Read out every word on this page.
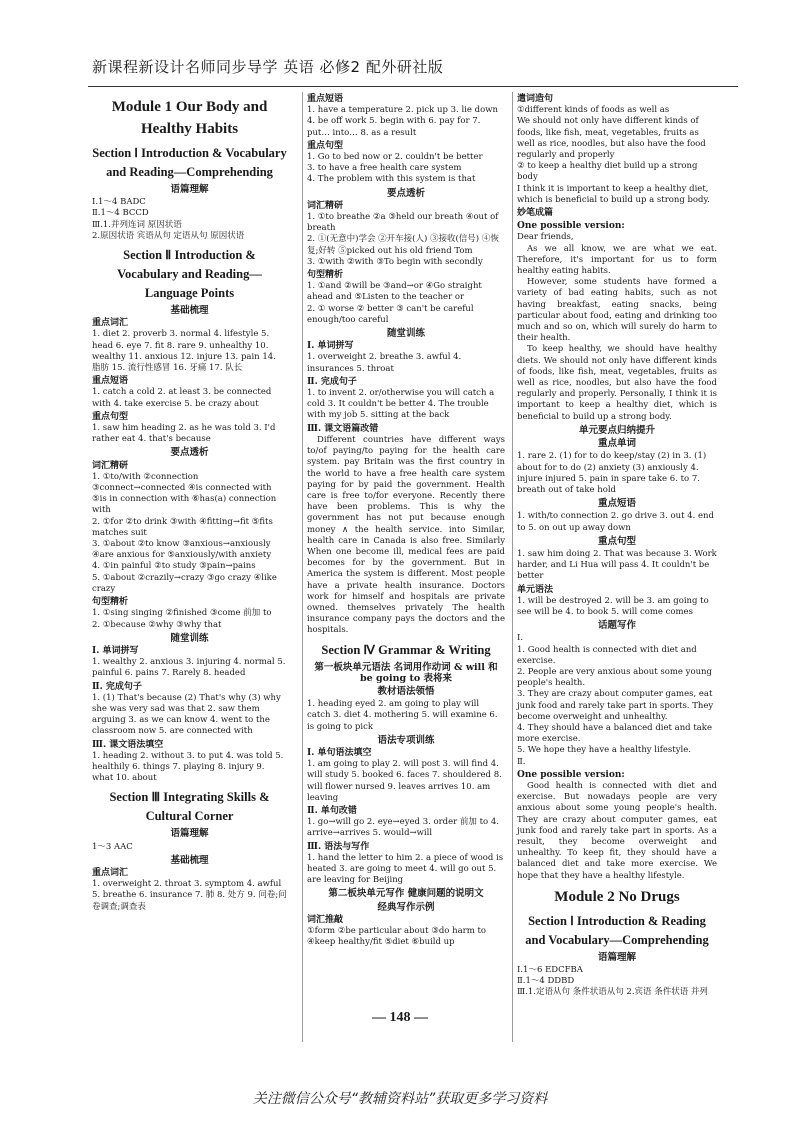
新课程新设计名师同步导学 英语 必修2 配外研社版
Module 1 Our Body and Healthy Habits
Section Ⅰ Introduction & Vocabulary and Reading—Comprehending
语篇理解
Ⅰ.1～4 BADC
Ⅱ.1～4 BCCD
Ⅲ.1.并列连词 原因状语
2.原因状语 宾语从句 定语从句 原因状语
Section Ⅱ Introduction & Vocabulary and Reading—Language Points
基础梳理
重点词汇
1. diet 2. proverb 3. normal 4. lifestyle 5. head 6. eye 7. fit 8. rare 9. unhealthy 10. wealthy 11. anxious 12. injure 13. pain 14. 脂肪 15. 流行性感冒 16. 牙痛 17. 队长
重点短语
1. catch a cold 2. at least 3. be connected with 4. take exercise 5. be crazy about
重点句型
1. saw him heading 2. as he was told 3. I'd rather eat 4. that's because
要点透析
词汇精研
1. ①to/with ②connection ③connect→connected ④is connected with ⑤is in connection with ⑥has(a) connection with
2. ①for ②to drink ③with ④fitting→fit ⑤fits matches suit
3. ①about ②to know ③anxious→anxiously ④are anxious for ⑤anxiously/with anxiety
4. ①in painful ②to study ③pain→pains
5. ①about ②crazily→crazy ③go crazy ④like crazy
句型精析
1. ①sing singing ②finished ③come 前加 to
2. ①because ②why ③why that
随堂训练
Ⅰ. 单词拼写
1. wealthy 2. anxious 3. injuring 4. normal 5. painful 6. pains 7. Rarely 8. headed
Ⅱ. 完成句子
1. (1) That's because (2) That's why (3) why she was very sad was that 2. saw them arguing 3. as we can know 4. went to the classroom now 5. are connected with
Ⅲ. 课文语法填空
1. heading 2. without 3. to put 4. was told 5. healthily 6. things 7. playing 8. injury 9. what 10. about
Section Ⅲ Integrating Skills & Cultural Corner
语篇理解
1～3 AAC
基础梳理
重点词汇
1. overweight 2. throat 3. symptom 4. awful 5. breathe 6. insurance 7. 肺 8. 处方 9. 问卷;问卷调查;调查表
重点短语
1. have a temperature 2. pick up 3. lie down 4. be off work 5. begin with 6. pay for 7. put… into… 8. as a result
重点句型
1. Go to bed now or 2. couldn't be better
3. to have a free health care system
4. The problem with this system is that
要点透析
词汇精研
1. ①to breathe ②a ③held our breath ④out of breath
2. ①(无意中)学会 ②开车接(人) ③接收(信号) ④恢复;好转 ⑤picked out his old friend Tom
3. ①with ②with ③To begin with secondly
句型精析
1. ①and ②will be ③and→or ④Go straight ahead and ⑤Listen to the teacher or
2. ① worse ② better ③ can't be careful enough/too careful
随堂训练
Ⅰ. 单词拼写
1. overweight 2. breathe 3. awful 4. insurances 5. throat
Ⅱ. 完成句子
1. to invent 2. or/otherwise you will catch a cold 3. It couldn't be better 4. The trouble with my job 5. sitting at the back
Ⅲ. 课文语篇改错
Different countries have different ways to/of paying/to paying for the health care system. pay Britain was the first country in the world to have a free health care system paying for by paid the government. Health care is free to/for everyone. Recently there have been problems. This is why the government has not put because enough money ∧ the health service. into Similar, health care in Canada is also free. Similarly When one become ill, medical fees are paid becomes for by the government. But in America the system is different. Most people have a private health insurance. Doctors work for himself and hospitals are private owned. themselves privately The health insurance company pays the doctors and the hospitals.
Section Ⅳ Grammar & Writing
第一板块单元语法 名词用作动词 & will 和 be going to 表将来
教材语法领悟
1. heading eyed 2. am going to play will catch 3. diet 4. mothering 5. will examine 6. is going to pick
语法专项训练
Ⅰ. 单句语法填空
1. am going to play 2. will post 3. will find 4. will study 5. booked 6. faces 7. shouldered 8. will flower nursed 9. leaves arrives 10. am leaving
Ⅱ. 单句改错
1. go→will go 2. eye→eyed 3. order 前加 to 4. arrive→arrives 5. would→will
Ⅲ. 语法与写作
1. hand the letter to him 2. a piece of wood is heated 3. are going to meet 4. will go out 5. are leaving for Beijing
第二板块单元写作 健康问题的说明文
经典写作示例
词汇推敲
①form ②be particular about ③do harm to ④keep healthy/fit ⑤diet ⑥build up
遣词造句
①different kinds of foods as well as
We should not only have different kinds of foods, like fish, meat, vegetables, fruits as well as rice, noodles, but also have the food regularly and properly
② to keep a healthy diet build up a strong body
I think it is important to keep a healthy diet, which is beneficial to build up a strong body.
妙笔成篇
One possible version:
Dear friends,
As we all know, we are what we eat. Therefore, it's important for us to form healthy eating habits.
However, some students have formed a variety of bad eating habits, such as not having breakfast, eating snacks, being particular about food, eating and drinking too much and so on, which will surely do harm to their health.
To keep healthy, we should have healthy diets. We should not only have different kinds of foods, like fish, meat, vegetables, fruits as well as rice, noodles, but also have the food regularly and properly. Personally, I think it is important to keep a healthy diet, which is beneficial to build up a strong body.
单元要点归纳提升
重点单词
1. rare 2. (1) for to do keep/stay (2) in 3. (1) about for to do (2) anxiety (3) anxiously 4. injure injured 5. pain in spare take 6. to 7. breath out of take hold
重点短语
1. with/to connection 2. go drive 3. out 4. end to 5. on out up away down
重点句型
1. saw him doing 2. That was because 3. Work harder, and Li Hua will pass 4. It couldn't be better
单元语法
1. will be destroyed 2. will be 3. am going to see will be 4. to book 5. will come comes
话题写作
Ⅰ.
1. Good health is connected with diet and exercise.
2. People are very anxious about some young people's health.
3. They are crazy about computer games, eat junk food and rarely take part in sports. They become overweight and unhealthy.
4. They should have a balanced diet and take more exercise.
5. We hope they have a healthy lifestyle.
Ⅱ.
One possible version:
Good health is connected with diet and exercise. But nowadays people are very anxious about some young people's health. They are crazy about computer games, eat junk food and rarely take part in sports. As a result, they become overweight and unhealthy. To keep fit, they should have a balanced diet and take more exercise. We hope that they have a healthy lifestyle.
Module 2 No Drugs
Section Ⅰ Introduction & Reading and Vocabulary—Comprehending
语篇理解
Ⅰ.1～6 EDCFBA
Ⅱ.1～4 DDBD
Ⅲ.1.定语从句 条件状语从句 2.宾语 条件状语 并列
— 148 —
关注微信公众号“教辅资料站”获取更多学习资料
